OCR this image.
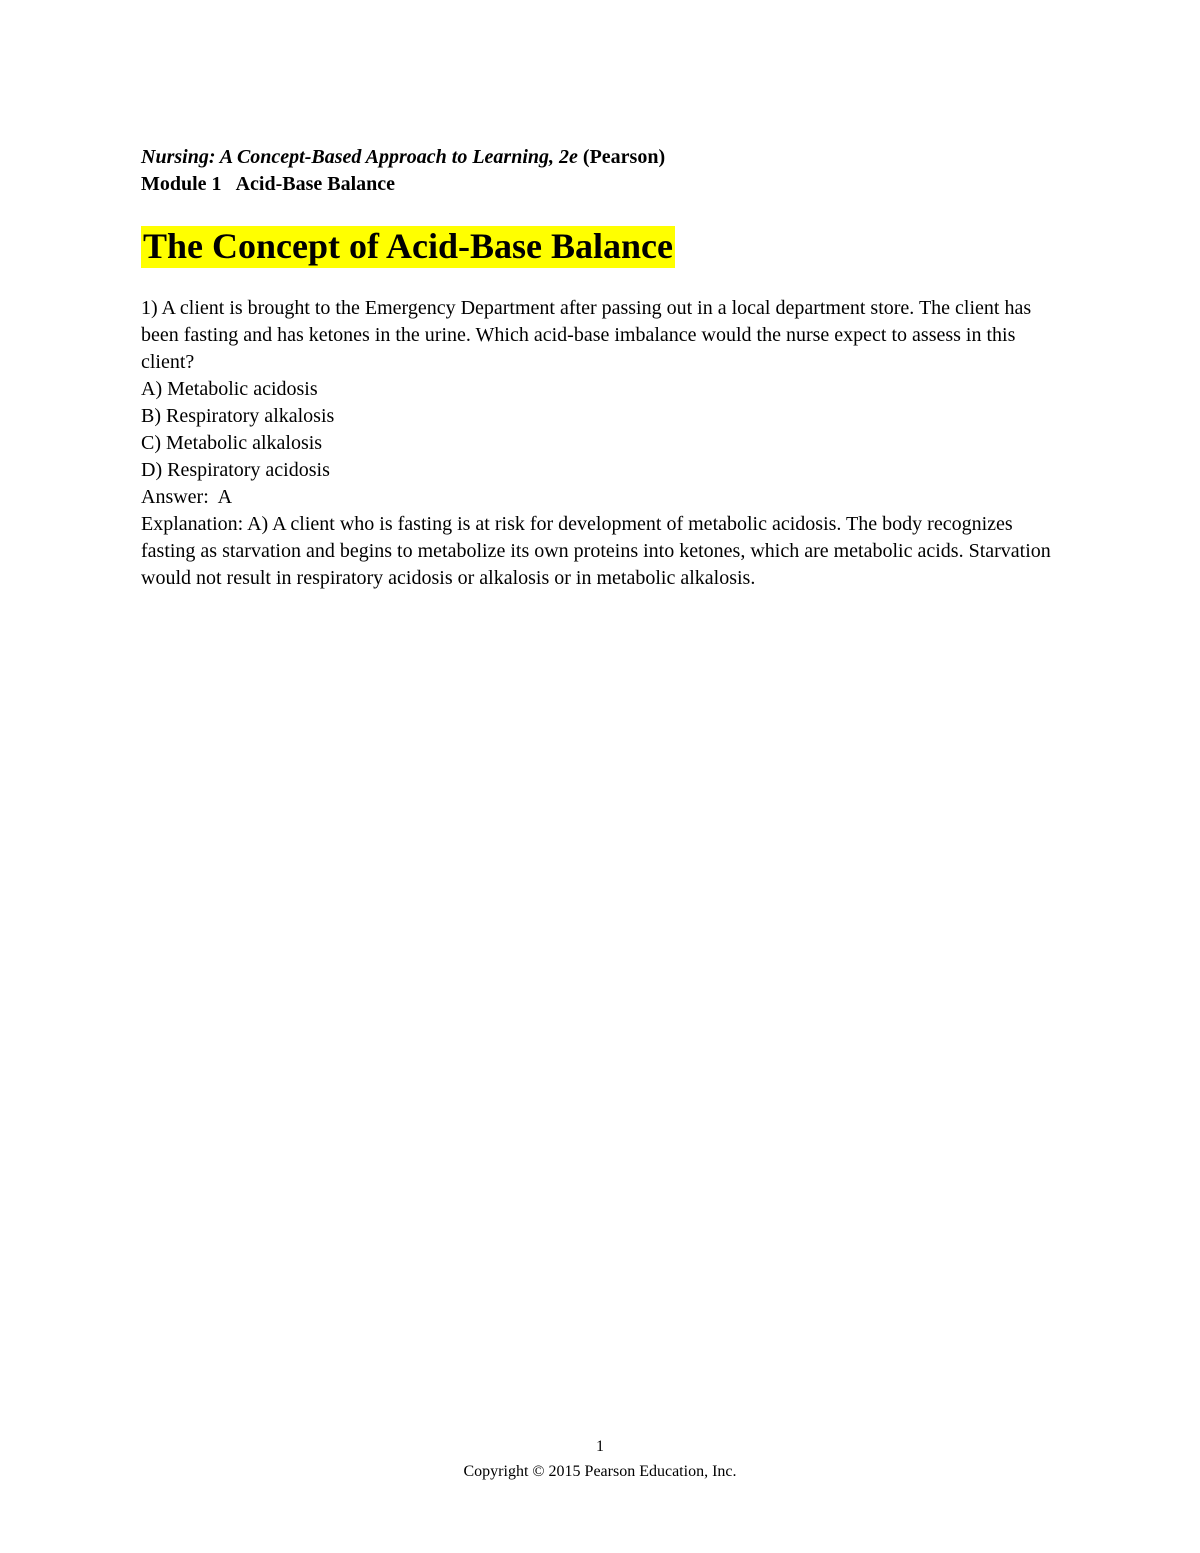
Nursing: A Concept-Based Approach to Learning, 2e (Pearson)
Module 1 Acid-Base Balance
The Concept of Acid-Base Balance

1) A client is brought to the Emergency Department after passing out in a local department store. The client has been fasting and has ketones in the urine. Which acid-base imbalance would the nurse expect to assess in this client?

A) Metabolic acidosis

B) Respiratory alkalosis

C) Metabolic alkalosis

D) Respiratory acidosis

Answer:  A

Explanation: A) A client who is fasting is at risk for development of metabolic acidosis. The body recognizes fasting as starvation and begins to metabolize its own proteins into ketones, which are metabolic acids. Starvation would not result in respiratory acidosis or alkalosis or in metabolic alkalosis.

1
Copyright © 2015 Pearson Education, Inc.
